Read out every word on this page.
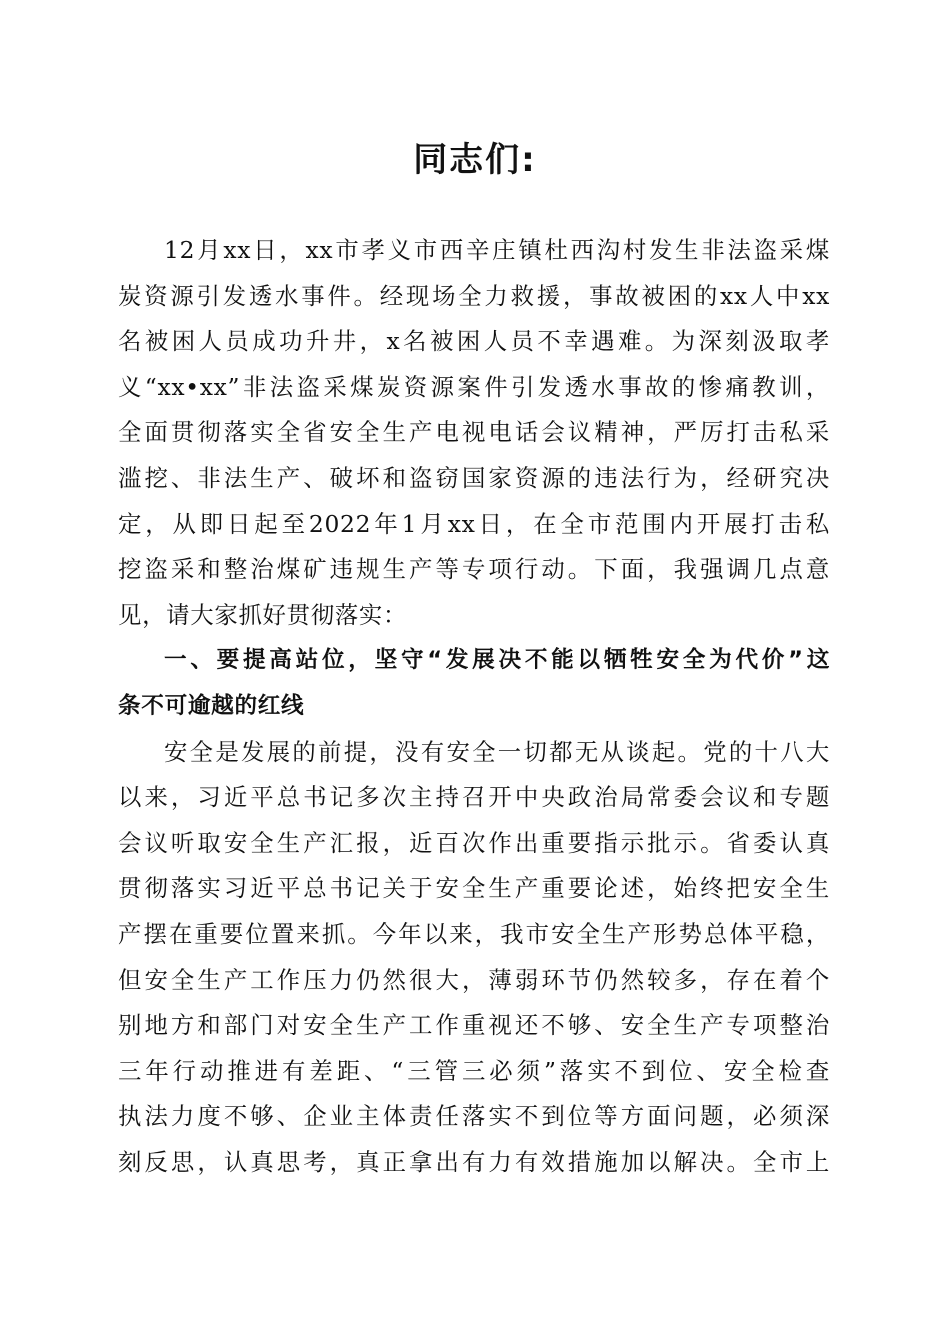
同志们:
12月xx日，xx市孝义市西辛庄镇杜西沟村发生非法盗采煤
炭资源引发透水事件。经现场全力救援，事故被困的xx人中xx
名被困人员成功升井，x名被困人员不幸遇难。为深刻汲取孝
义“xx•xx”非法盗采煤炭资源案件引发透水事故的惨痛教训，
全面贯彻落实全省安全生产电视电话会议精神，严厉打击私采
滥挖、非法生产、破坏和盗窃国家资源的违法行为，经研究决
定，从即日起至2022年1月xx日，在全市范围内开展打击私
挖盗采和整治煤矿违规生产等专项行动。下面，我强调几点意
见，请大家抓好贯彻落实：
一、要提高站位，坚守“发展决不能以牺牲安全为代价”这
条不可逾越的红线
安全是发展的前提，没有安全一切都无从谈起。党的十八大
以来，习近平总书记多次主持召开中央政治局常委会议和专题
会议听取安全生产汇报，近百次作出重要指示批示。省委认真
贯彻落实习近平总书记关于安全生产重要论述，始终把安全生
产摆在重要位置来抓。今年以来，我市安全生产形势总体平稳，
但安全生产工作压力仍然很大，薄弱环节仍然较多，存在着个
别地方和部门对安全生产工作重视还不够、安全生产专项整治
三年行动推进有差距、“三管三必须”落实不到位、安全检查
执法力度不够、企业主体责任落实不到位等方面问题，必须深
刻反思，认真思考，真正拿出有力有效措施加以解决。全市上
